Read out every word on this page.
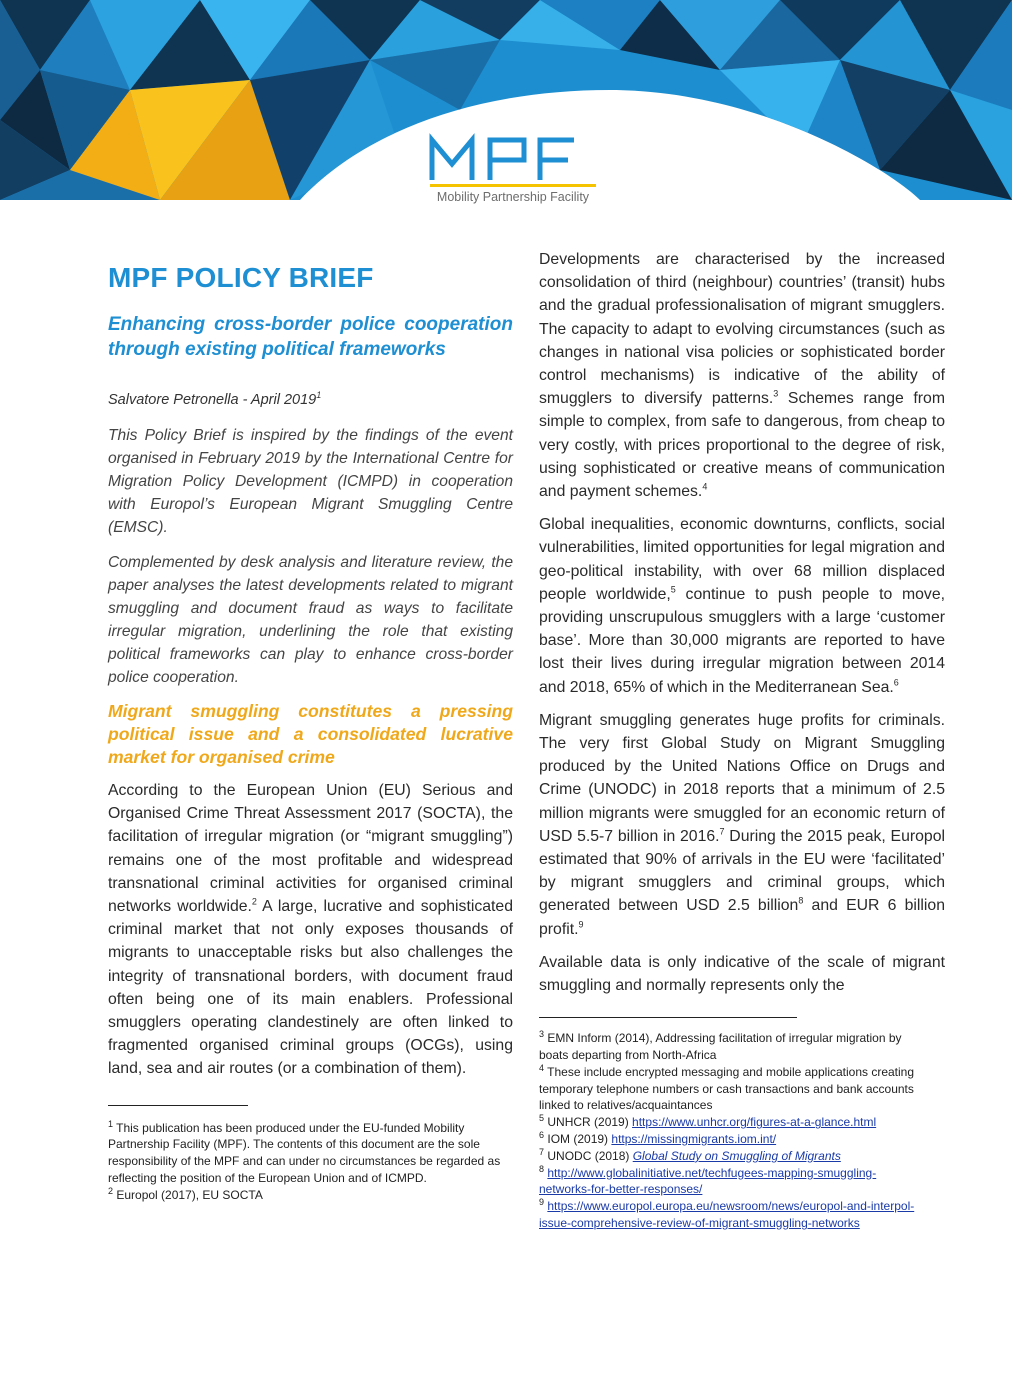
Mobility Partnership Facility
MPF POLICY BRIEF

Enhancing cross-border police cooperation through existing political frameworks

Salvatore Petronella - April 2019$^1$

This Policy Brief is inspired by the findings of the event organised in February 2019 by the International Centre for Migration Policy Development (ICMPD) in cooperation with Europol’s European Migrant Smuggling Centre (EMSC).

Complemented by desk analysis and literature review, the paper analyses the latest developments related to migrant smuggling and document fraud as ways to facilitate irregular migration, underlining the role that existing political frameworks can play to enhance cross-border police cooperation.

Migrant smuggling constitutes a pressing political issue and a consolidated lucrative market for organised crime

According to the European Union (EU) Serious and Organised Crime Threat Assessment 2017 (SOCTA), the facilitation of irregular migration (or “migrant smuggling”) remains one of the most profitable and widespread transnational criminal activities for organised criminal networks worldwide.$^2$ A large, lucrative and sophisticated criminal market that not only exposes thousands of migrants to unacceptable risks but also challenges the integrity of transnational borders, with document fraud often being one of its main enablers. Professional smugglers operating clandestinely are often linked to fragmented organised criminal groups (OCGs), using land, sea and air routes (or a combination of them).

$^1$ This publication has been produced under the EU-funded Mobility Partnership Facility (MPF). The contents of this document are the sole responsibility of the MPF and can under no circumstances be regarded as reflecting the position of the European Union and of ICMPD.

$^2$ Europol (2017), EU SOCTA

Developments are characterised by the increased consolidation of third (neighbour) countries’ (transit) hubs and the gradual professionalisation of migrant smugglers. The capacity to adapt to evolving circumstances (such as changes in national visa policies or sophisticated border control mechanisms) is indicative of the ability of smugglers to diversify patterns.$^3$ Schemes range from simple to complex, from safe to dangerous, from cheap to very costly, with prices proportional to the degree of risk, using sophisticated or creative means of communication and payment schemes.$^4$

Global inequalities, economic downturns, conflicts, social vulnerabilities, limited opportunities for legal migration and geo-political instability, with over 68 million displaced people worldwide,$^5$ continue to push people to move, providing unscrupulous smugglers with a large ‘customer base’. More than 30,000 migrants are reported to have lost their lives during irregular migration between 2014 and 2018, 65% of which in the Mediterranean Sea.$^6$

Migrant smuggling generates huge profits for criminals. The very first Global Study on Migrant Smuggling produced by the United Nations Office on Drugs and Crime (UNODC) in 2018 reports that a minimum of 2.5 million migrants were smuggled for an economic return of USD 5.5-7 billion in 2016.$^7$ During the 2015 peak, Europol estimated that 90% of arrivals in the EU were ‘facilitated’ by migrant smugglers and criminal groups, which generated between USD 2.5 billion$^8$ and EUR 6 billion profit.$^9$

Available data is only indicative of the scale of migrant smuggling and normally represents only the

$^3$ EMN Inform (2014), Addressing facilitation of irregular migration by boats departing from North-Africa

$^4$ These include encrypted messaging and mobile applications creating temporary telephone numbers or cash transactions and bank accounts linked to relatives/acquaintances

$^5$ UNHCR (2019) https://www.unhcr.org/figures-at-a-glance.html

$^6$ IOM (2019) https://missingmigrants.iom.int/

$^7$ UNODC (2018) Global Study on Smuggling of Migrants

$^8$ http://www.globalinitiative.net/techfugees-mapping-smuggling-networks-for-better-responses/

$^9$ https://www.europol.europa.eu/newsroom/news/europol-and-interpol-issue-comprehensive-review-of-migrant-smuggling-networks
